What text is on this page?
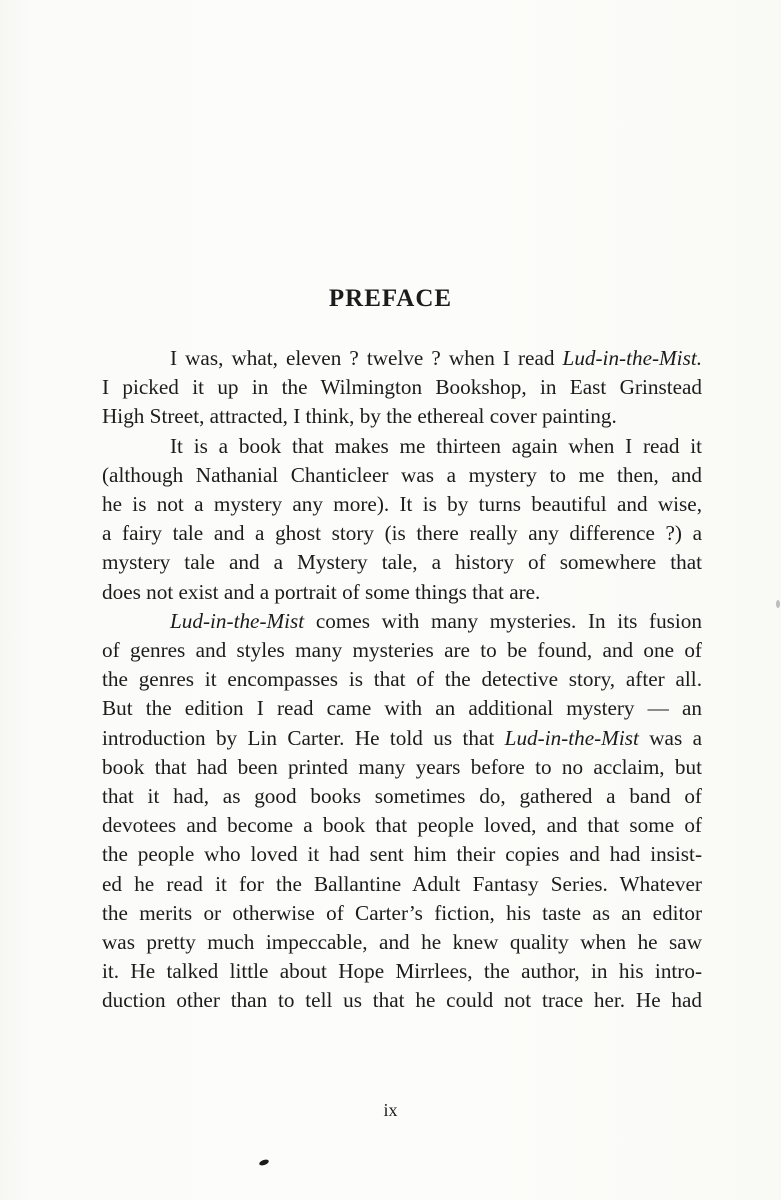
PREFACE
I was, what, eleven ? twelve ? when I read Lud-in-the-Mist.
I picked it up in the Wilmington Bookshop, in East Grinstead
High Street, attracted, I think, by the ethereal cover painting.
It is a book that makes me thirteen again when I read it
(although Nathanial Chanticleer was a mystery to me then, and
he is not a mystery any more). It is by turns beautiful and wise,
a fairy tale and a ghost story (is there really any difference ?) a
mystery tale and a Mystery tale, a history of somewhere that
does not exist and a portrait of some things that are.
Lud-in-the-Mist comes with many mysteries. In its fusion
of genres and styles many mysteries are to be found, and one of
the genres it encompasses is that of the detective story, after all.
But the edition I read came with an additional mystery — an
introduction by Lin Carter. He told us that Lud-in-the-Mist was a
book that had been printed many years before to no acclaim, but
that it had, as good books sometimes do, gathered a band of
devotees and become a book that people loved, and that some of
the people who loved it had sent him their copies and had insist-
ed he read it for the Ballantine Adult Fantasy Series. Whatever
the merits or otherwise of Carter’s fiction, his taste as an editor
was pretty much impeccable, and he knew quality when he saw
it. He talked little about Hope Mirrlees, the author, in his intro-
duction other than to tell us that he could not trace her. He had
ix
